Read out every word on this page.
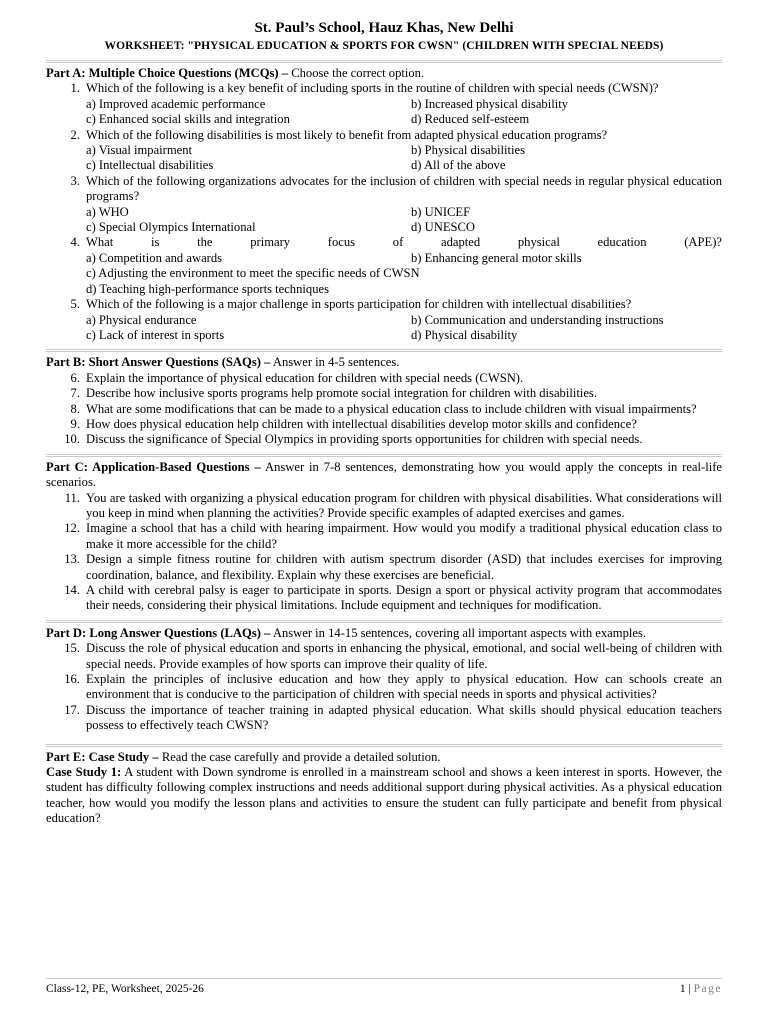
St. Paul’s School, Hauz Khas, New Delhi
WORKSHEET: "PHYSICAL EDUCATION & SPORTS FOR CWSN" (CHILDREN WITH SPECIAL NEEDS)
Part A: Multiple Choice Questions (MCQs) – Choose the correct option.
1. Which of the following is a key benefit of including sports in the routine of children with special needs (CWSN)?
a) Improved academic performance	b) Increased physical disability
c) Enhanced social skills and integration	d) Reduced self-esteem
2. Which of the following disabilities is most likely to benefit from adapted physical education programs?
a) Visual impairment	b) Physical disabilities
c) Intellectual disabilities	d) All of the above
3. Which of the following organizations advocates for the inclusion of children with special needs in regular physical education programs?
a) WHO	b) UNICEF
c) Special Olympics International	d) UNESCO
4. What is the primary focus of adapted physical education (APE)?
a) Competition and awards	b) Enhancing general motor skills
c) Adjusting the environment to meet the specific needs of CWSN
d) Teaching high-performance sports techniques
5. Which of the following is a major challenge in sports participation for children with intellectual disabilities?
a) Physical endurance	b) Communication and understanding instructions
c) Lack of interest in sports	d) Physical disability
Part B: Short Answer Questions (SAQs) – Answer in 4-5 sentences.
6. Explain the importance of physical education for children with special needs (CWSN).
7. Describe how inclusive sports programs help promote social integration for children with disabilities.
8. What are some modifications that can be made to a physical education class to include children with visual impairments?
9. How does physical education help children with intellectual disabilities develop motor skills and confidence?
10. Discuss the significance of Special Olympics in providing sports opportunities for children with special needs.
Part C: Application-Based Questions – Answer in 7-8 sentences, demonstrating how you would apply the concepts in real-life scenarios.
11. You are tasked with organizing a physical education program for children with physical disabilities. What considerations will you keep in mind when planning the activities? Provide specific examples of adapted exercises and games.
12. Imagine a school that has a child with hearing impairment. How would you modify a traditional physical education class to make it more accessible for the child?
13. Design a simple fitness routine for children with autism spectrum disorder (ASD) that includes exercises for improving coordination, balance, and flexibility. Explain why these exercises are beneficial.
14. A child with cerebral palsy is eager to participate in sports. Design a sport or physical activity program that accommodates their needs, considering their physical limitations. Include equipment and techniques for modification.
Part D: Long Answer Questions (LAQs) – Answer in 14-15 sentences, covering all important aspects with examples.
15. Discuss the role of physical education and sports in enhancing the physical, emotional, and social well-being of children with special needs. Provide examples of how sports can improve their quality of life.
16. Explain the principles of inclusive education and how they apply to physical education. How can schools create an environment that is conducive to the participation of children with special needs in sports and physical activities?
17. Discuss the importance of teacher training in adapted physical education. What skills should physical education teachers possess to effectively teach CWSN?
Part E: Case Study – Read the case carefully and provide a detailed solution.
Case Study 1: A student with Down syndrome is enrolled in a mainstream school and shows a keen interest in sports. However, the student has difficulty following complex instructions and needs additional support during physical activities. As a physical education teacher, how would you modify the lesson plans and activities to ensure the student can fully participate and benefit from physical education?
Class-12, PE, Worksheet, 2025-26	1 | Page
